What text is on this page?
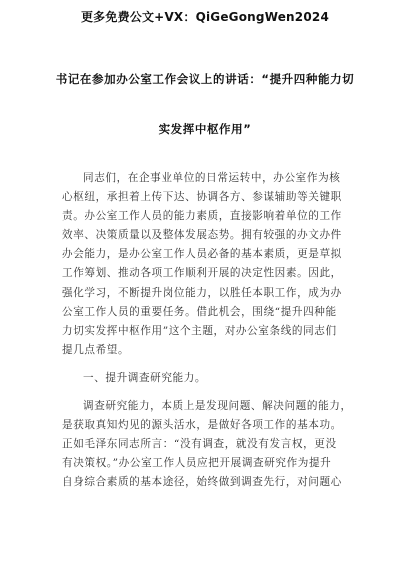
更多免费公文+VX：QiGeGongWen2024
书记在参加办公室工作会议上的讲话：“提升四种能力切
实发挥中枢作用”
同志们，在企事业单位的日常运转中，办公室作为核
心枢纽，承担着上传下达、协调各方、参谋辅助等关键职
责。办公室工作人员的能力素质，直接影响着单位的工作
效率、决策质量以及整体发展态势。拥有较强的办文办件
办会能力，是办公室工作人员必备的基本素质，更是草拟
工作筹划、推动各项工作顺利开展的决定性因素。因此，
强化学习，不断提升岗位能力，以胜任本职工作，成为办
公室工作人员的重要任务。借此机会，围绕“提升四种能
力切实发挥中枢作用”这个主题，对办公室条线的同志们
提几点希望。
一、提升调查研究能力。
调查研究能力，本质上是发现问题、解决问题的能力，
是获取真知灼见的源头活水，是做好各项工作的基本功。
正如毛泽东同志所言：“没有调查，就没有发言权，更没
有决策权。”办公室工作人员应把开展调查研究作为提升
自身综合素质的基本途径，始终做到调查先行，对问题心
